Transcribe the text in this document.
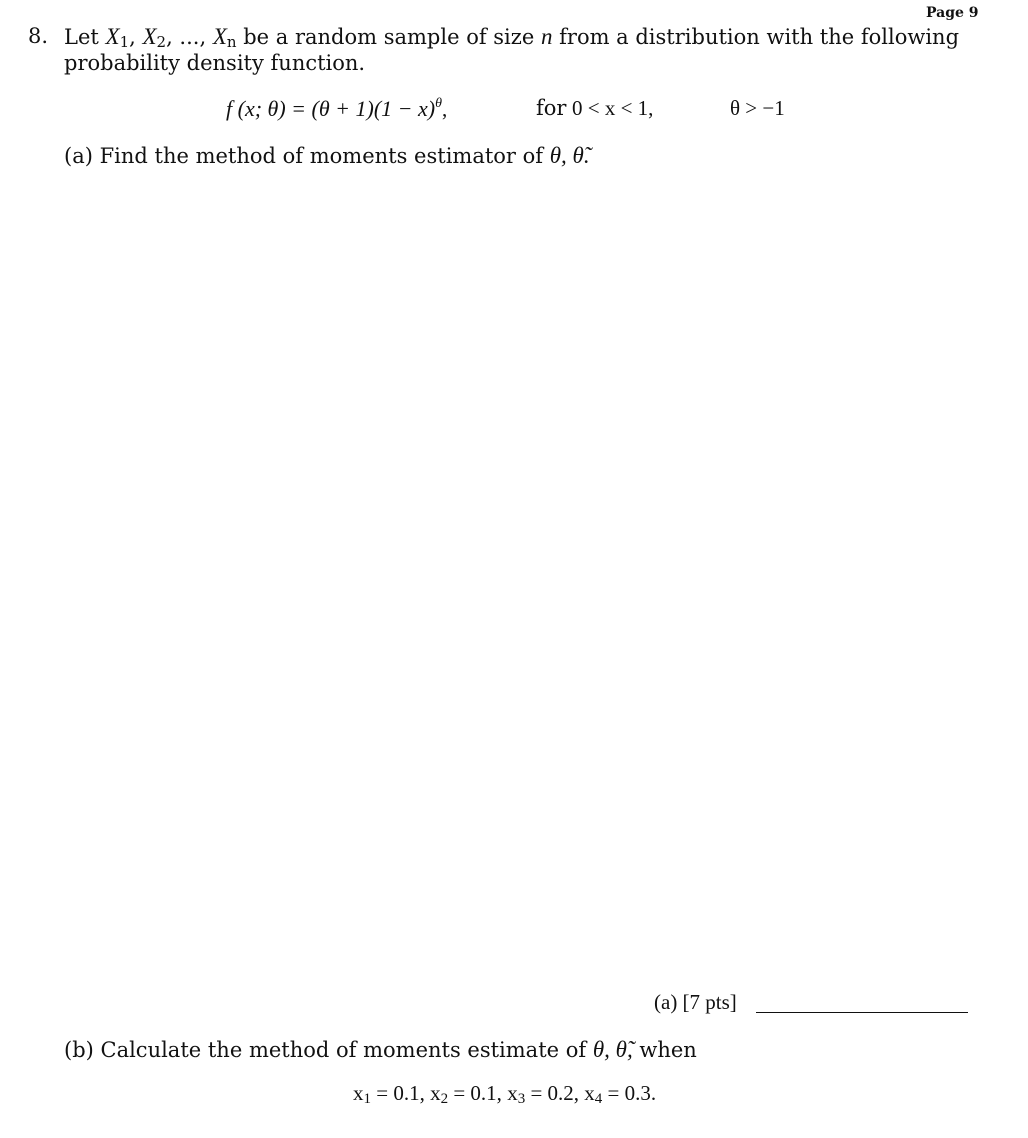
Page 9
8. Let X1, X2, ..., Xn be a random sample of size n from a distribution with the following
probability density function.
f (x; $\theta) = (\theta + 1)(1 - x)^\theta$,	for 0 < x < 1,	θ > −1
(a) Find the method of moments estimator of θ, θ̃.
(a) [7 pts]
(b) Calculate the method of moments estimate of θ, θ̃, when
x1 = 0.1, x2 = 0.1, x3 = 0.2, x4 = 0.3.
